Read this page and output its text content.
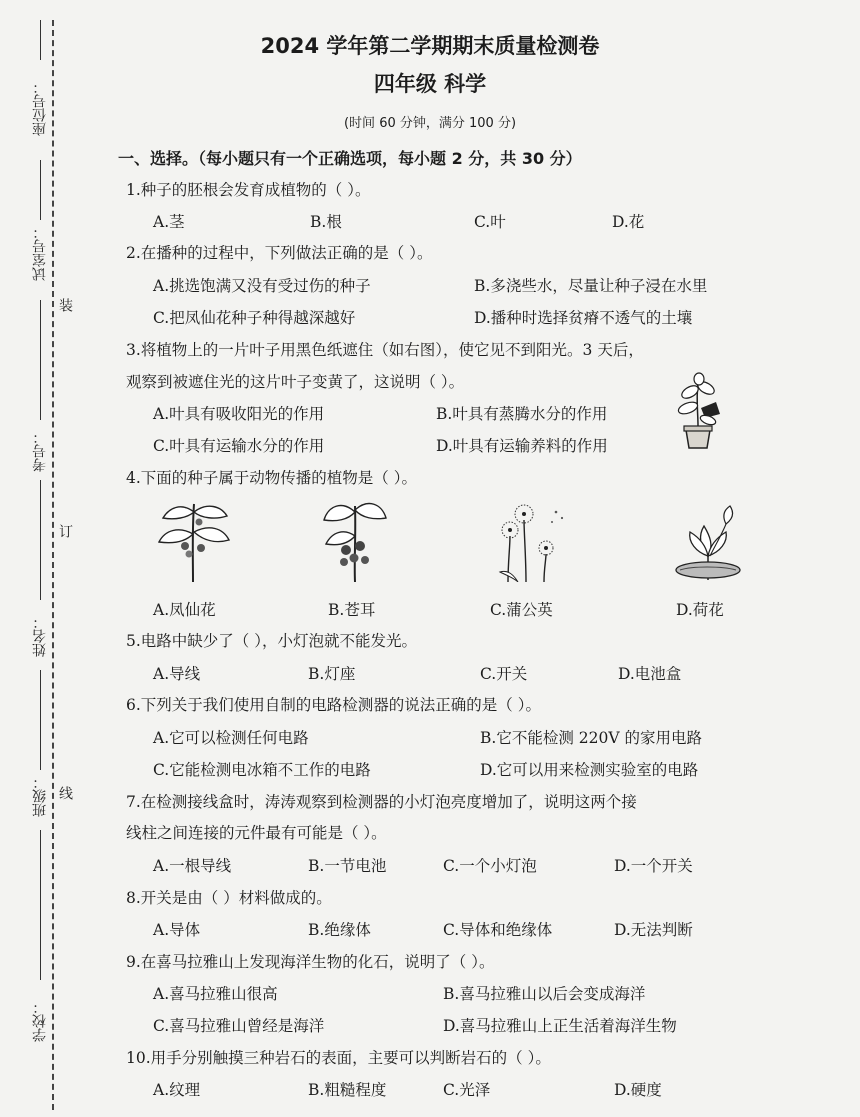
座位号：
试室号：
考号：
姓名：
班级：
学校：
装
订
线
2024 学年第二学期期末质量检测卷
四年级 科学
(时间 60 分钟，满分 100 分)
一、选择。（每小题只有一个正确选项，每小题 2 分，共 30 分）
1.种子的胚根会发育成植物的（ ）。
A.茎	B.根	C.叶	D.花
2.在播种的过程中，下列做法正确的是（ ）。
A.挑选饱满又没有受过伤的种子	B.多浇些水，尽量让种子浸在水里
C.把凤仙花种子种得越深越好	D.播种时选择贫瘠不透气的土壤
3.将植物上的一片叶子用黑色纸遮住（如右图），使它见不到阳光。3 天后，
观察到被遮住光的这片叶子变黄了，这说明（ ）。
A.叶具有吸收阳光的作用	B.叶具有蒸腾水分的作用
C.叶具有运输水分的作用	D.叶具有运输养料的作用
4.下面的种子属于动物传播的植物是（ ）。
A.凤仙花	B.苍耳	C.蒲公英	D.荷花
5.电路中缺少了（ ），小灯泡就不能发光。
A.导线	B.灯座	C.开关	D.电池盒
6.下列关于我们使用自制的电路检测器的说法正确的是（ ）。
A.它可以检测任何电路	B.它不能检测 220V 的家用电路
C.它能检测电冰箱不工作的电路	D.它可以用来检测实验室的电路
7.在检测接线盒时，涛涛观察到检测器的小灯泡亮度增加了，说明这两个接
线柱之间连接的元件最有可能是（ ）。
A.一根导线	B.一节电池	C.一个小灯泡	D.一个开关
8.开关是由（ ）材料做成的。
A.导体	B.绝缘体	C.导体和绝缘体	D.无法判断
9.在喜马拉雅山上发现海洋生物的化石，说明了（ ）。
A.喜马拉雅山很高	B.喜马拉雅山以后会变成海洋
C.喜马拉雅山曾经是海洋	D.喜马拉雅山上正生活着海洋生物
10.用手分别触摸三种岩石的表面，主要可以判断岩石的（ ）。
A.纹理	B.粗糙程度	C.光泽	D.硬度
